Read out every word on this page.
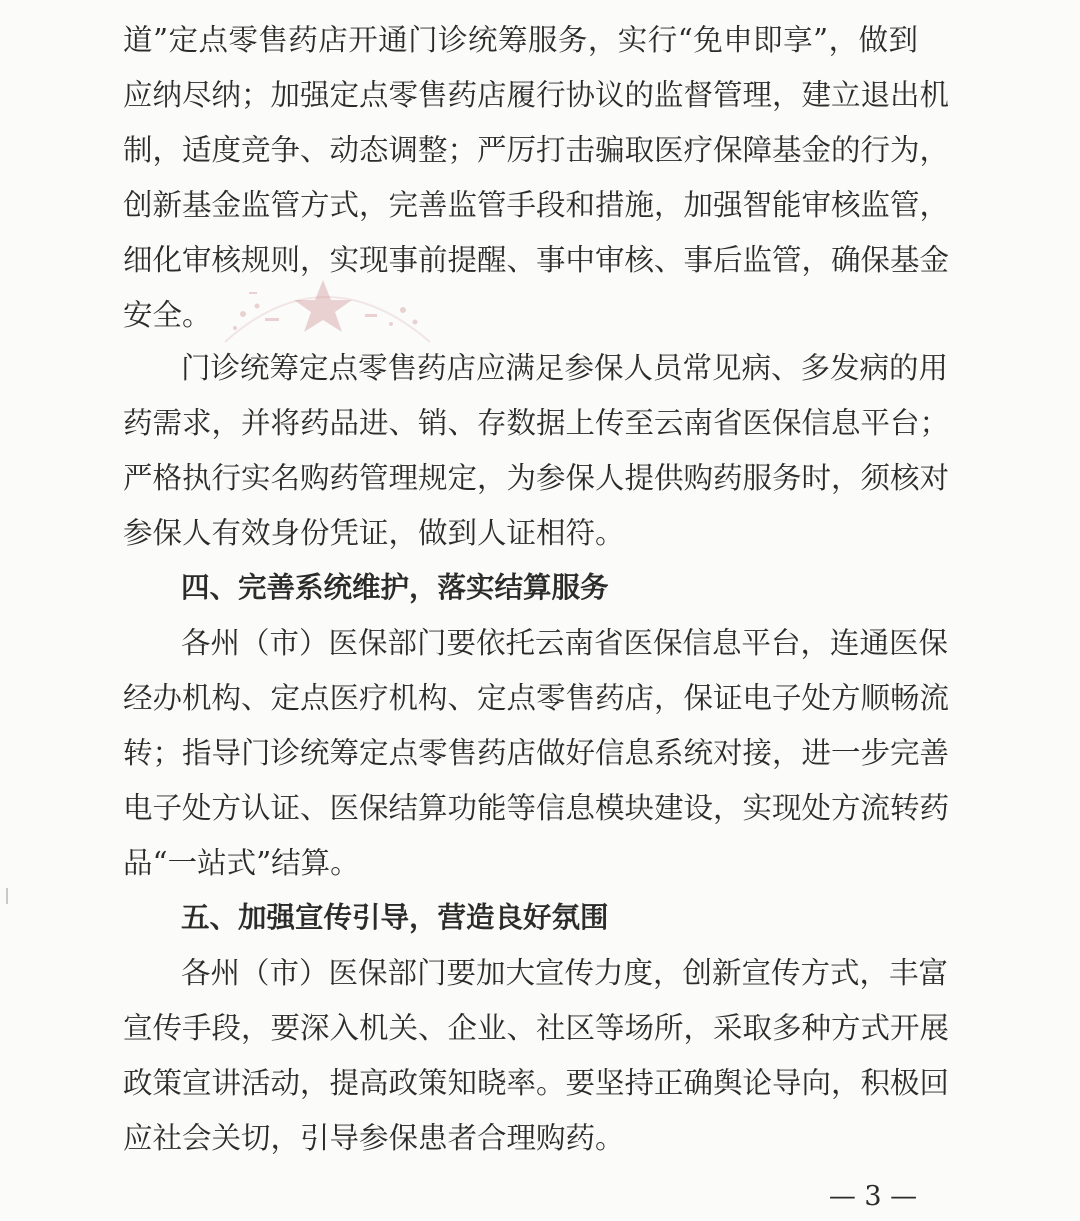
道”定点零售药店开通门诊统筹服务，实行“免申即享”，做到
应纳尽纳；加强定点零售药店履行协议的监督管理，建立退出机
制，适度竞争、动态调整；严厉打击骗取医疗保障基金的行为，
创新基金监管方式，完善监管手段和措施，加强智能审核监管，
细化审核规则，实现事前提醒、事中审核、事后监管，确保基金
安全。
门诊统筹定点零售药店应满足参保人员常见病、多发病的用
药需求，并将药品进、销、存数据上传至云南省医保信息平台；
严格执行实名购药管理规定，为参保人提供购药服务时，须核对
参保人有效身份凭证，做到人证相符。
四、完善系统维护，落实结算服务
各州（市）医保部门要依托云南省医保信息平台，连通医保
经办机构、定点医疗机构、定点零售药店，保证电子处方顺畅流
转；指导门诊统筹定点零售药店做好信息系统对接，进一步完善
电子处方认证、医保结算功能等信息模块建设，实现处方流转药
品“一站式”结算。
五、加强宣传引导，营造良好氛围
各州（市）医保部门要加大宣传力度，创新宣传方式，丰富
宣传手段，要深入机关、企业、社区等场所，采取多种方式开展
政策宣讲活动，提高政策知晓率。要坚持正确舆论导向，积极回
应社会关切，引导参保患者合理购药。
— 3 —
